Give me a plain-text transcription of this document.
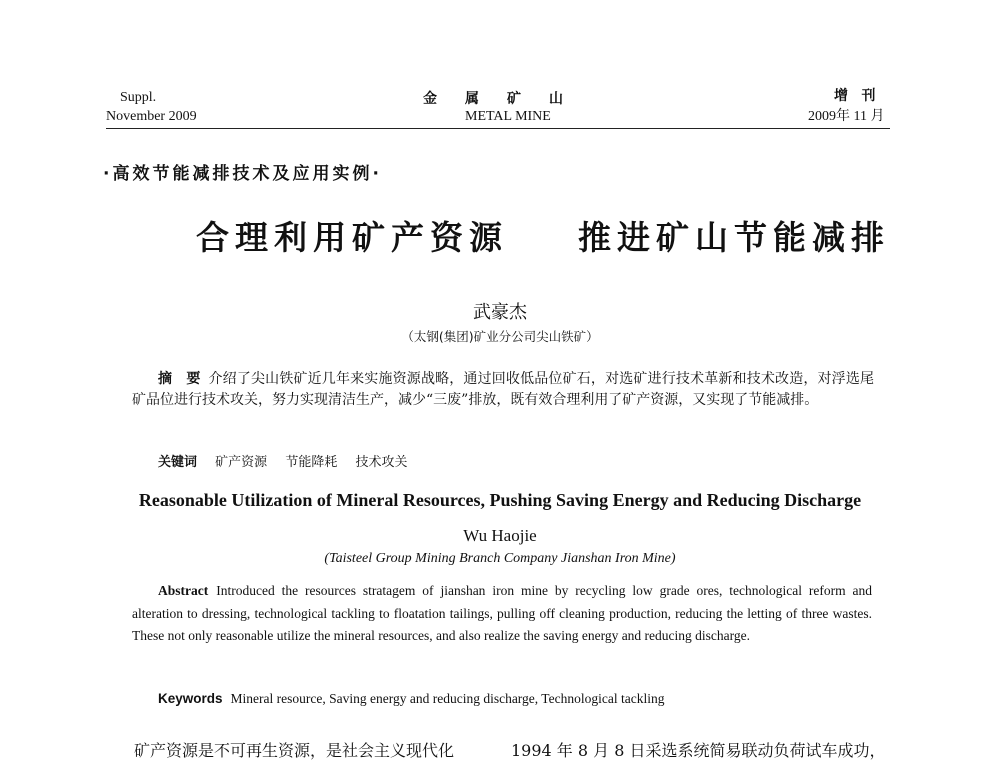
Suppl.
November 2009
金属矿山
METAL MINE
增 刊
2009年 11 月
·高效节能减排技术及应用实例·
合理利用矿产资源    推进矿山节能减排
武豪杰
（太钢(集团)矿业分公司尖山铁矿）
摘　要 介绍了尖山铁矿近几年来实施资源战略，通过回收低品位矿石，对选矿进行技术革新和技术改造，对浮选尾矿品位进行技术攻关，努力实现清洁生产，减少“三废”排放，既有效合理利用了矿产资源，又实现了节能减排。
关键词 矿产资源 节能降耗 技术攻关
Reasonable Utilization of Mineral Resources, Pushing Saving Energy and Reducing Discharge
Wu Haojie
(Taisteel Group Mining Branch Company Jianshan Iron Mine)
Abstract Introduced the resources stratagem of jianshan iron mine by recycling low grade ores, technological reform and alteration to dressing, technological tackling to floatation tailings, pulling off cleaning production, reducing the letting of three wastes. These not only reasonable utilize the mineral resources, and also realize the saving energy and reducing discharge.
Keywords Mineral resource, Saving energy and reducing discharge, Technological tackling
矿产资源是不可再生资源，是社会主义现代化	1994 年 8 月 8 日采选系统简易联动负荷试车成功，
